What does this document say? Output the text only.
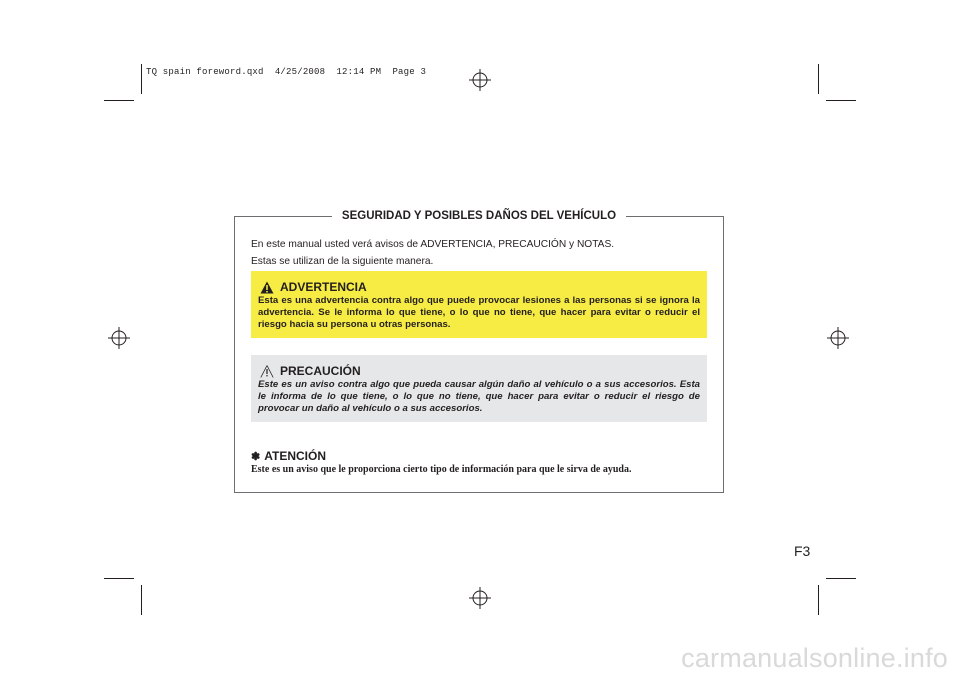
TQ spain foreword.qxd  4/25/2008  12:14 PM  Page 3
SEGURIDAD Y POSIBLES DAÑOS DEL VEHÍCULO
En este manual usted verá avisos de ADVERTENCIA, PRECAUCIÓN y NOTAS.
Estas se utilizan de la siguiente manera.
ADVERTENCIA
Esta es una advertencia contra algo que puede provocar lesiones a las personas si se ignora la advertencia. Se le informa lo que tiene, o lo que no tiene, que hacer para evitar o reducir el riesgo hacia su persona u otras personas.
PRECAUCIÓN
Este es un aviso contra algo que pueda causar algún daño al vehículo o a sus accesorios. Esta le informa de lo que tiene, o lo que no tiene, que hacer para evitar o reducir el riesgo de provocar un daño al vehículo o a sus accesorios.
✽ ATENCIÓN
Este es un aviso que le proporciona cierto tipo de información para que le sirva de ayuda.
F3
carmanualsonline.info
